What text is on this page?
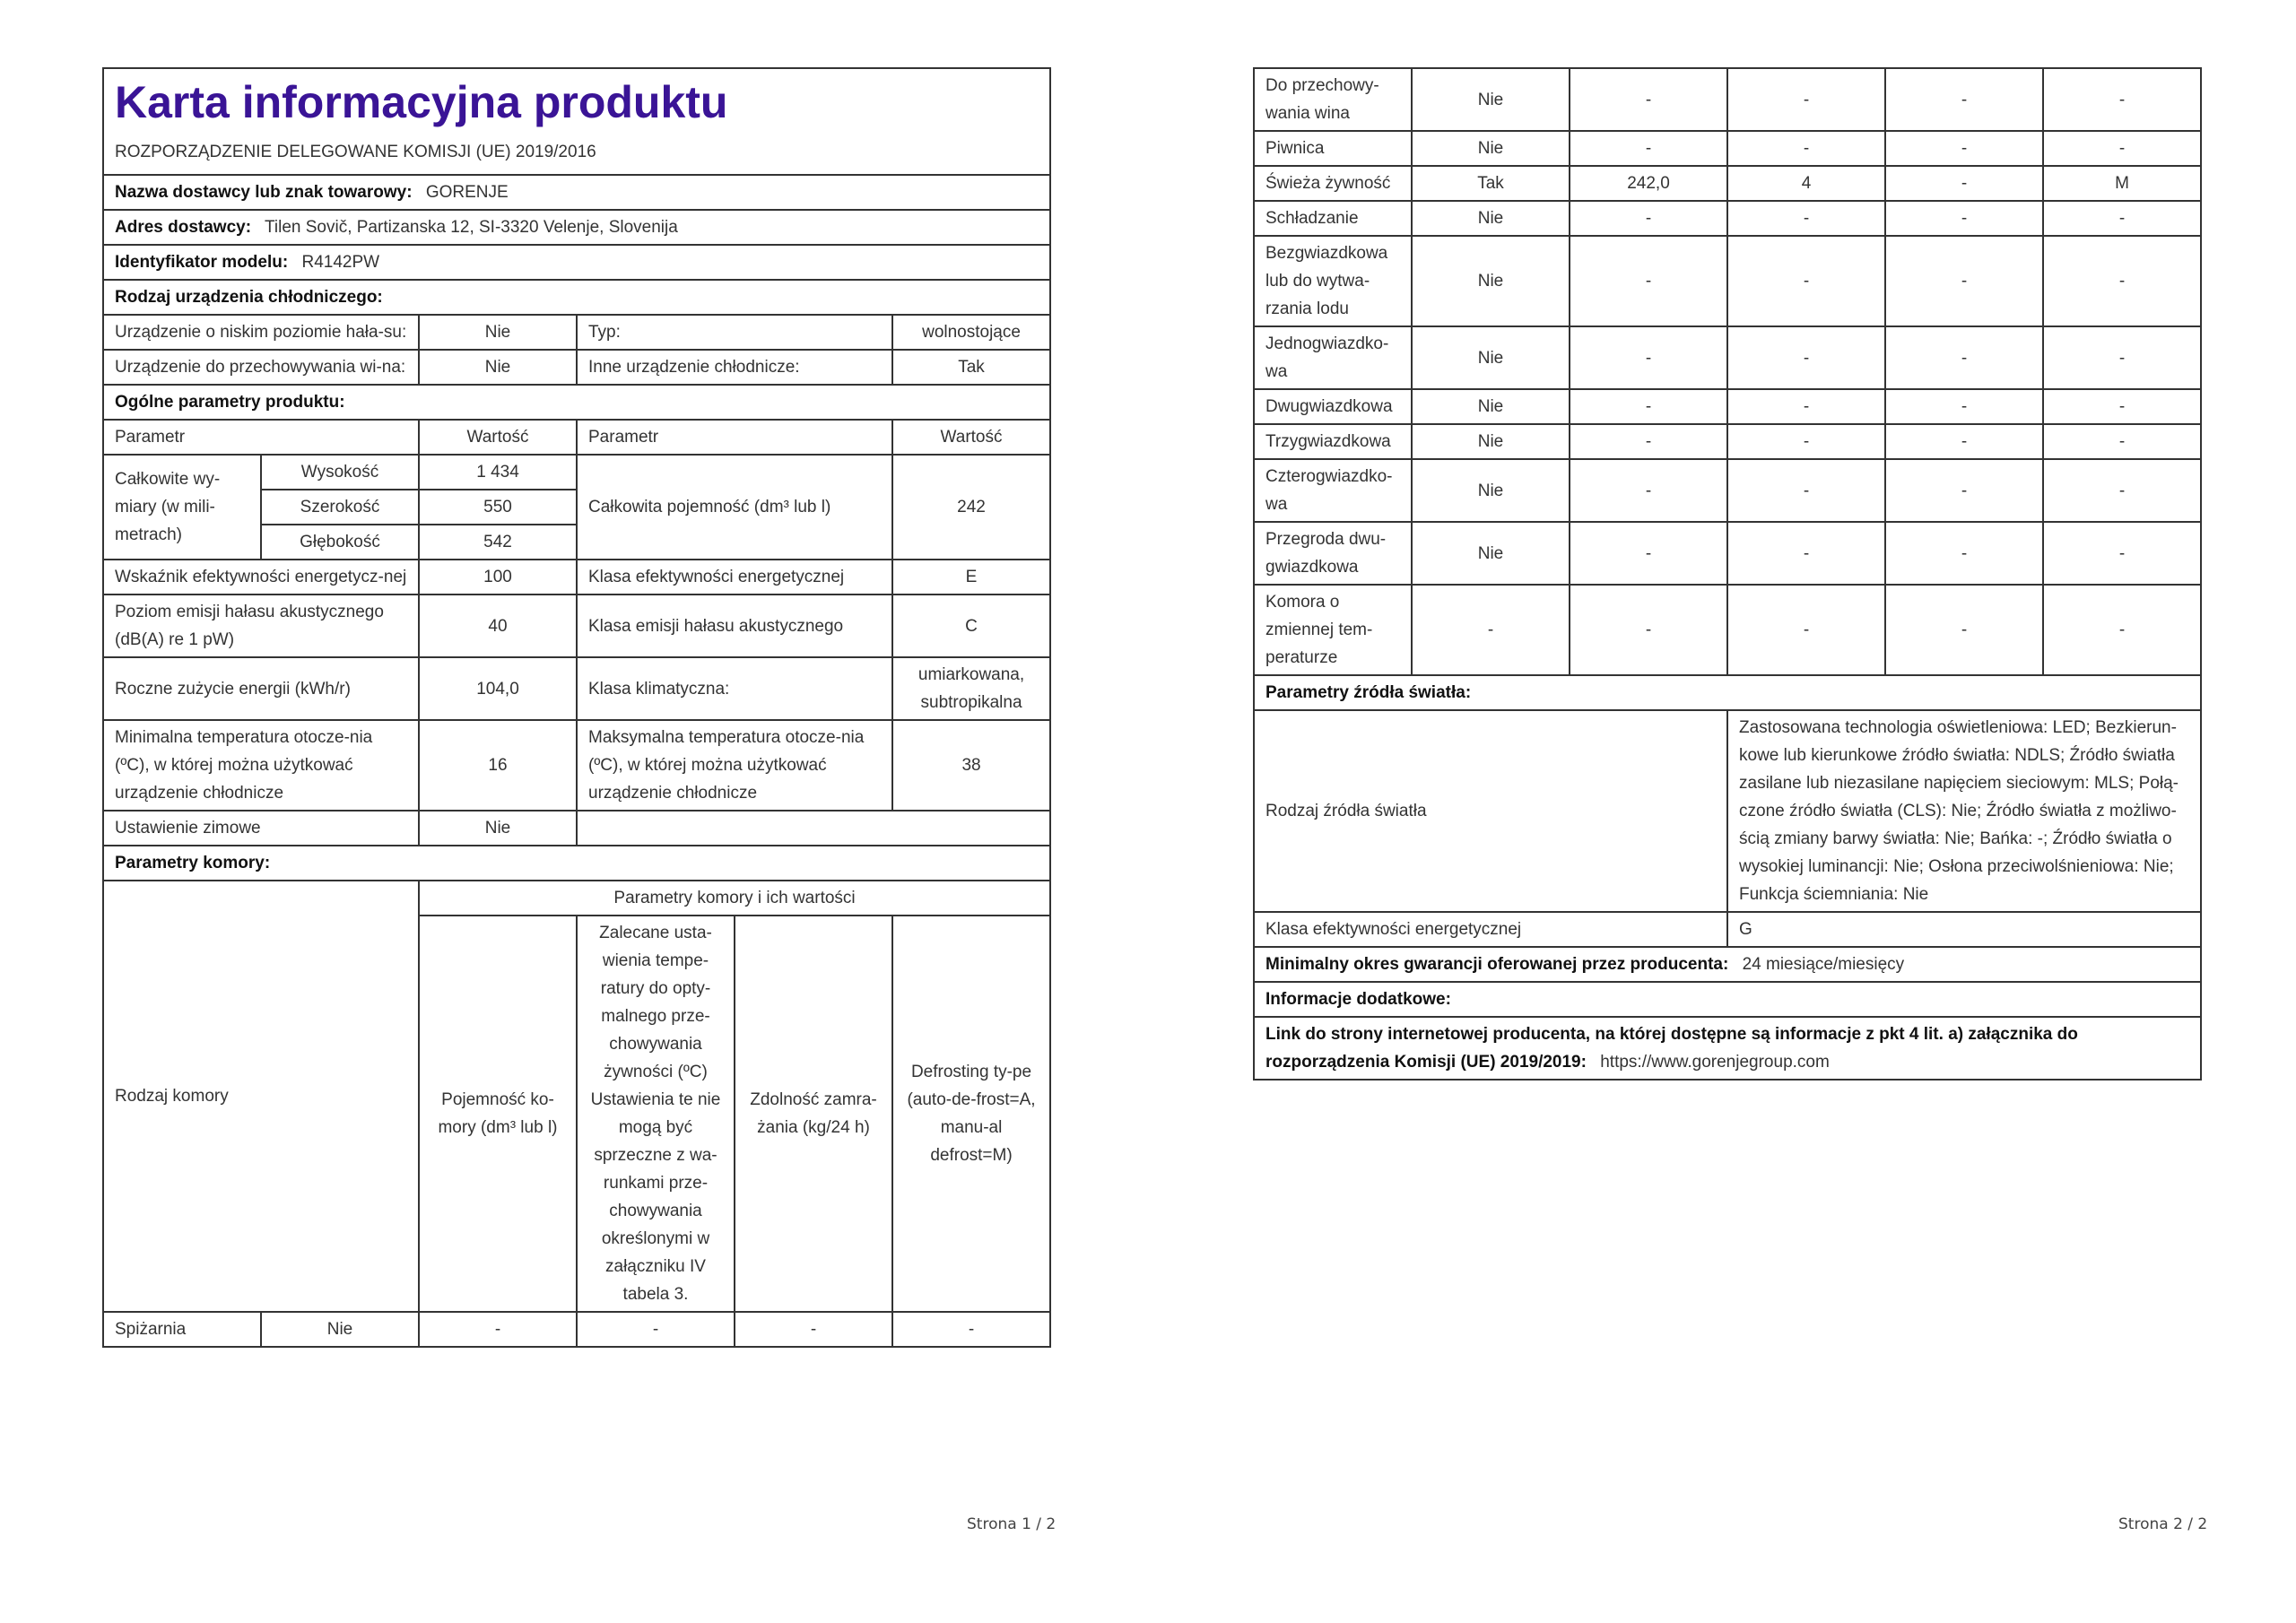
Karta informacyjna produktu
ROZPORZĄDZENIE DELEGOWANE KOMISJI (UE) 2019/2016					

Nazwa dostawcy lub znak towarowy: GORENJE					
Adres dostawcy: Tilen Sovič, Partizanska 12, SI-3320 Velenje, Slovenija					
Identyfikator modelu: R4142PW					
Rodzaj urządzenia chłodniczego:					
Urządzenie o niskim poziomie hała-su:		Nie	Typ:		wolnostojące
Urządzenie do przechowywania wi-na:		Nie	Inne urządzenie chłodnicze:		Tak
Ogólne parametry produktu:					
Parametr		Wartość	Parametr		Wartość
Całkowite wy-miary (w mili-metrach)	Wysokość	1 434	Całkowita pojemność (dm³ lub l)		242
	Szerokość	550			
	Głębokość	542			
Wskaźnik efektywności energetycz-nej		100	Klasa efektywności energetycznej		E
Poziom emisji hałasu akustycznego (dB(A) re 1 pW)		40	Klasa emisji hałasu akustycznego		C
Roczne zużycie energii (kWh/r)		104,0	Klasa klimatyczna:		umiarkowana, subtropikalna
Minimalna temperatura otocze-nia (ºC), w której można użytkować urządzenie chłodnicze		16	Maksymalna temperatura otocze-nia (ºC), w której można użytkować urządzenie chłodnicze		38
Ustawienie zimowe		Nie			
Parametry komory:					
Rodzaj komory		Parametry komory i ich wartości			
		Pojemność ko-mory (dm³ lub l)	Zalecane usta-wienia tempe-ratury do opty-malnego prze-chowywania żywności (ºC) Ustawienia te nie mogą być sprzeczne z wa-runkami prze-chowywania określonymi w załączniku IV tabela 3.	Zdolność zamra-żania (kg/24 h)	Defrosting ty-pe (auto-de-frost=A, manu-al defrost=M)
Spiżarnia	Nie	-	-	-	-
Strona 1 / 2
Do przechowy-wania wina	Nie	-	-	-	-
Piwnica	Nie	-	-	-	-
Świeża żywność	Tak	242,0	4	-	M
Schładzanie	Nie	-	-	-	-
Bezgwiazdkowa lub do wytwa-rzania lodu	Nie	-	-	-	-
Jednogwiazdko-wa	Nie	-	-	-	-
Dwugwiazdkowa	Nie	-	-	-	-
Trzygwiazdkowa	Nie	-	-	-	-
Czterogwiazdko-wa	Nie	-	-	-	-
Przegroda dwu-gwiazdkowa	Nie	-	-	-	-
Komora o zmiennej tem-peraturze	-	-	-	-	-
Parametry źródła światła:					
Rodzaj źródła światła			Zastosowana technologia oświetleniowa: LED; Bezkierun-kowe lub kierunkowe źródło światła: NDLS; Źródło światła zasilane lub niezasilane napięciem sieciowym: MLS; Połą-czone źródło światła (CLS): Nie; Źródło światła z możliwo-ścią zmiany barwy światła: Nie; Bańka: -; Źródło światła o wysokiej luminancji: Nie; Osłona przeciwolśnieniowa: Nie; Funkcja ściemniania: Nie		
Klasa efektywności energetycznej			G		
Minimalny okres gwarancji oferowanej przez producenta: 24 miesiące/miesięcy					
Informacje dodatkowe:					
Link do strony internetowej producenta, na której dostępne są informacje z pkt 4 lit. a) załącznika do rozporządzenia Komisji (UE) 2019/2019: https://www.gorenjegroup.com					
Strona 2 / 2
